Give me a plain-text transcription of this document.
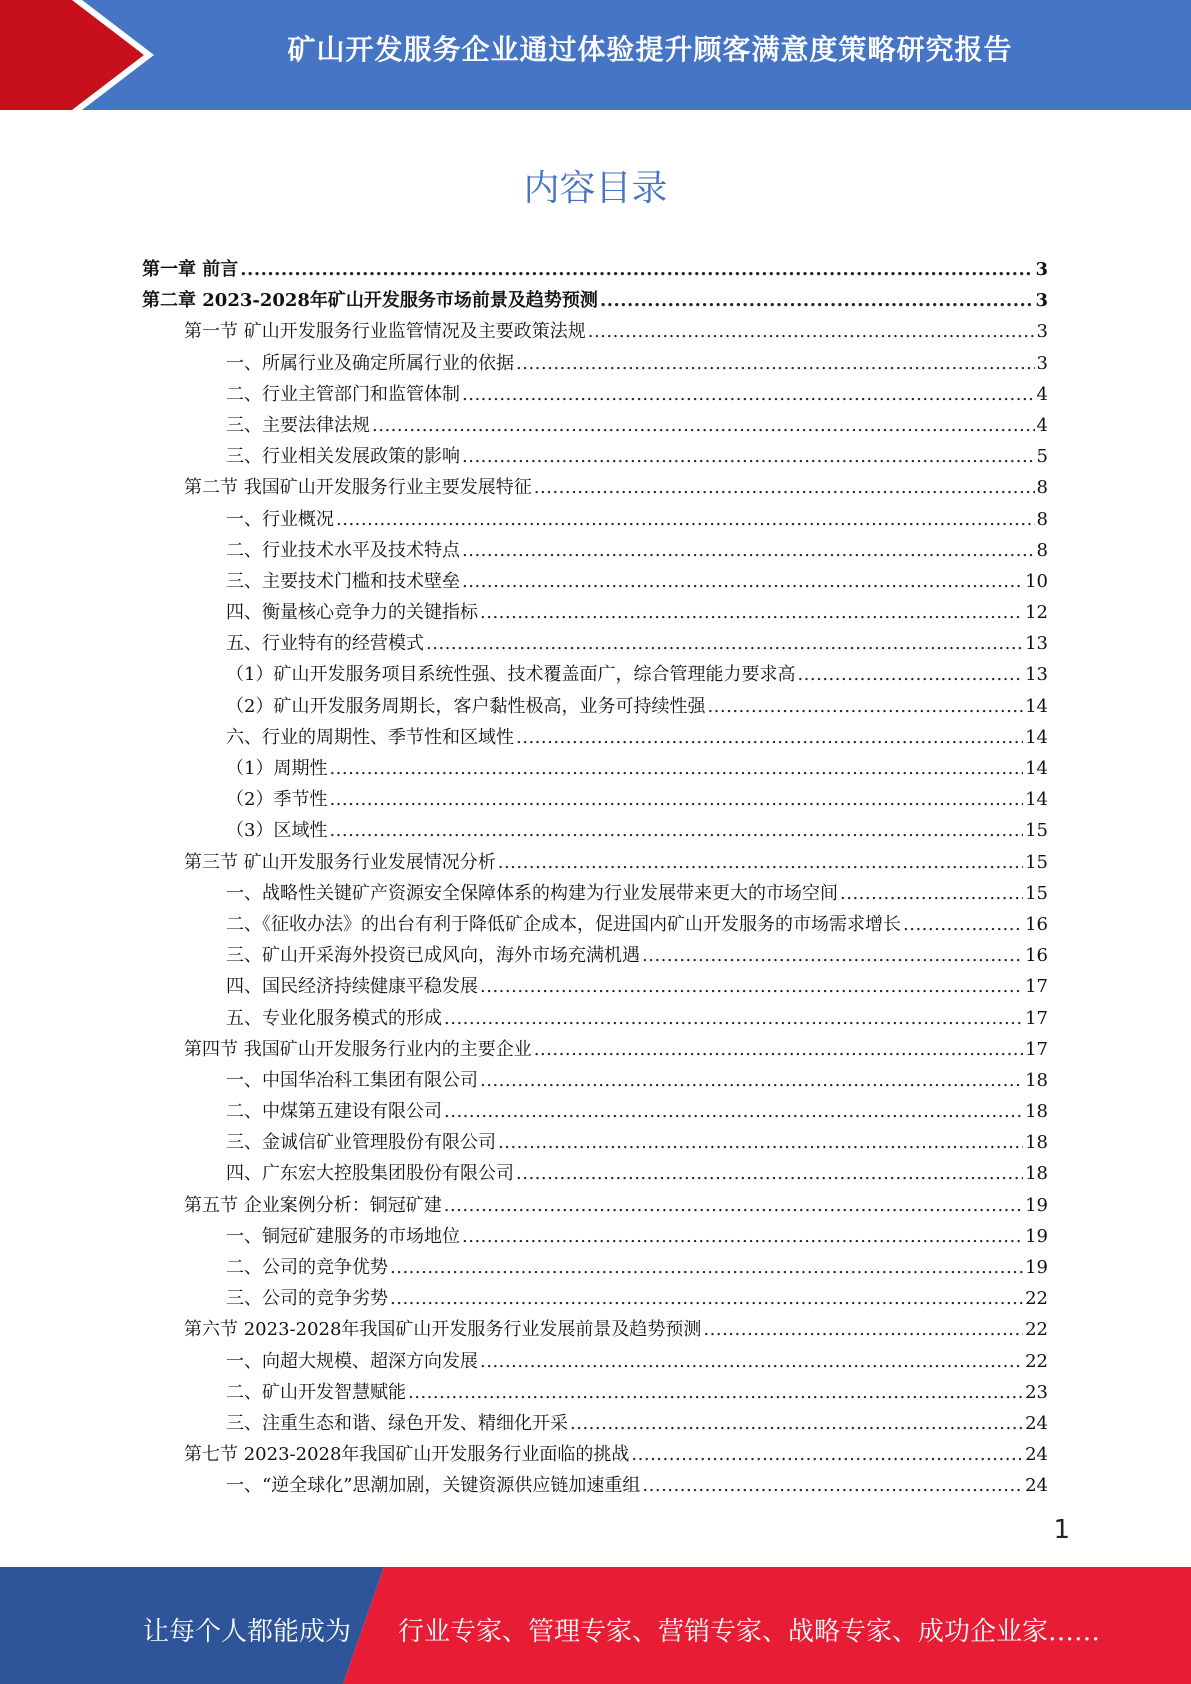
矿山开发服务企业通过体验提升顾客满意度策略研究报告
内容目录
第一章 前言 .....	3
第二章 2023-2028年矿山开发服务市场前景及趋势预测 .....	3
第一节 矿山开发服务行业监管情况及主要政策法规 .....	3
一、所属行业及确定所属行业的依据 .....	3
二、行业主管部门和监管体制 .....	4
三、主要法律法规 .....	4
三、行业相关发展政策的影响 .....	5
第二节 我国矿山开发服务行业主要发展特征 .....	8
一、行业概况 .....	8
二、行业技术水平及技术特点 .....	8
三、主要技术门槛和技术壁垒 .....	10
四、衡量核心竞争力的关键指标 .....	12
五、行业特有的经营模式 .....	13
（1）矿山开发服务项目系统性强、技术覆盖面广，综合管理能力要求高 .....	13
（2）矿山开发服务周期长，客户黏性极高，业务可持续性强 .....	14
六、行业的周期性、季节性和区域性 .....	14
（1）周期性 .....	14
（2）季节性 .....	14
（3）区域性 .....	15
第三节 矿山开发服务行业发展情况分析 .....	15
一、战略性关键矿产资源安全保障体系的构建为行业发展带来更大的市场空间 .....	15
二、《征收办法》的出台有利于降低矿企成本，促进国内矿山开发服务的市场需求增长 .....	16
三、矿山开采海外投资已成风向，海外市场充满机遇 .....	16
四、国民经济持续健康平稳发展 .....	17
五、专业化服务模式的形成 .....	17
第四节 我国矿山开发服务行业内的主要企业 .....	17
一、中国华冶科工集团有限公司 .....	18
二、中煤第五建设有限公司 .....	18
三、金诚信矿业管理股份有限公司 .....	18
四、广东宏大控股集团股份有限公司 .....	18
第五节 企业案例分析：铜冠矿建 .....	19
一、铜冠矿建服务的市场地位 .....	19
二、公司的竞争优势 .....	19
三、公司的竞争劣势 .....	22
第六节 2023-2028年我国矿山开发服务行业发展前景及趋势预测 .....	22
一、向超大规模、超深方向发展 .....	22
二、矿山开发智慧赋能 .....	23
三、注重生态和谐、绿色开发、精细化开采 .....	24
第七节 2023-2028年我国矿山开发服务行业面临的挑战 .....	24
一、“逆全球化”思潮加剧，关键资源供应链加速重组 .....	24
1
让每个人都能成为 行业专家、管理专家、营销专家、战略专家、成功企业家……
